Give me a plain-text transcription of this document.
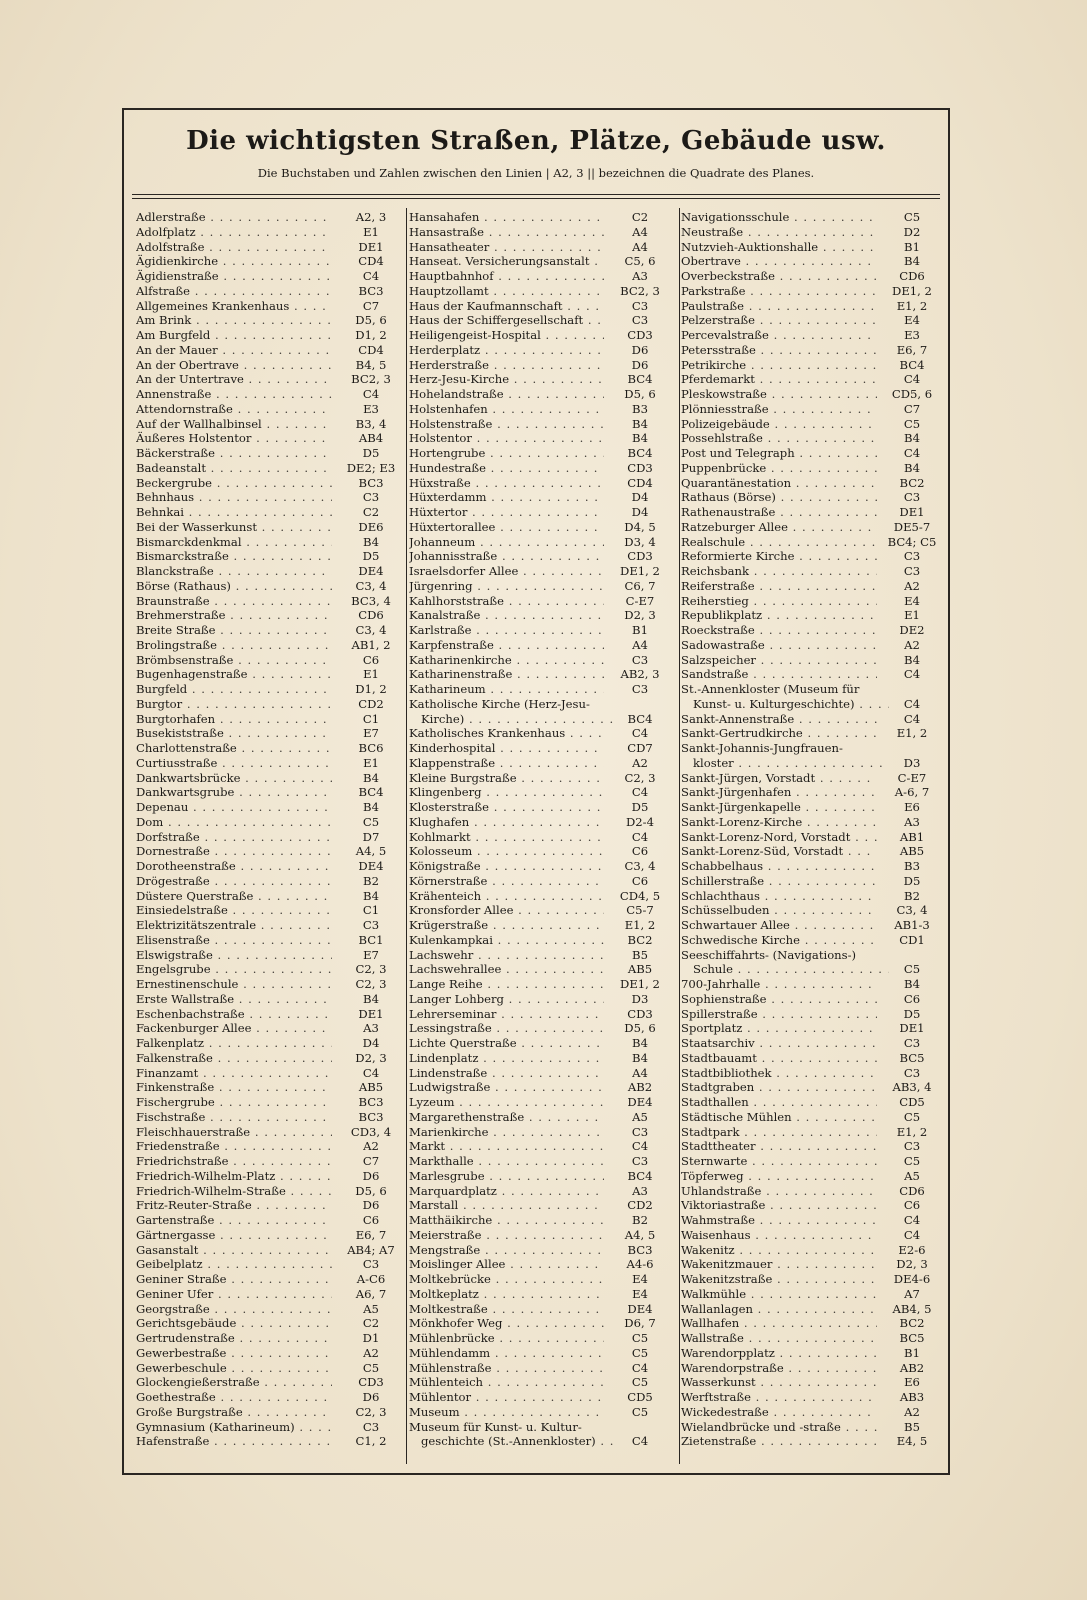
Die wichtigsten Straßen, Plätze, Gebäude usw.
Die Buchstaben und Zahlen zwischen den Linien | A2, 3 || bezeichnen die Quadrate des Planes.
Adlerstraße . . .	A2, 3
Adolfplatz . . .	E1
Adolfstraße . . .	DE1
Ägidienkirche . . .	CD4
Ägidienstraße . . .	C4
Alfstraße . . .	BC3
Allgemeines Krankenhaus . . .	C7
Am Brink . . .	D5, 6
Am Burgfeld . . .	D1, 2
An der Mauer . . .	CD4
An der Obertrave . . .	B4, 5
An der Untertrave . . .	BC2, 3
Annenstraße . . .	C4
Attendornstraße . . .	E3
Auf der Wallhalbinsel . . .	B3, 4
Äußeres Holstentor . . .	AB4
Bäckerstraße . . .	D5
Badeanstalt . . .	DE2; E3
Beckergrube . . .	BC3
Behnhaus . . .	C3
Behnkai . . .	C2
Bei der Wasserkunst . . .	DE6
Bismarckdenkmal . . .	B4
Bismarckstraße . . .	D5
Blanckstraße . . .	DE4
Börse (Rathaus) . . .	C3, 4
Braunstraße . . .	BC3, 4
Brehmerstraße . . .	CD6
Breite Straße . . .	C3, 4
Brolingstraße . . .	AB1, 2
Brömbsenstraße . . .	C6
Bugenhagenstraße . . .	E1
Burgfeld . . .	D1, 2
Burgtor . . .	CD2
Burgtorhafen . . .	C1
Busekiststraße . . .	E7
Charlottenstraße . . .	BC6
Curtiusstraße . . .	E1
Dankwartsbrücke . . .	B4
Dankwartsgrube . . .	BC4
Depenau . . .	B4
Dom . . .	C5
Dorfstraße . . .	D7
Dornestraße . . .	A4, 5
Dorotheenstraße . . .	DE4
Drögestraße . . .	B2
Düstere Querstraße . . .	B4
Einsiedelstraße . . .	C1
Elektrizitätszentrale . . .	C3
Elisenstraße . . .	BC1
Elswigstraße . . .	E7
Engelsgrube . . .	C2, 3
Ernestinenschule . . .	C2, 3
Erste Wallstraße . . .	B4
Eschenbachstraße . . .	DE1
Fackenburger Allee . . .	A3
Falkenplatz . . .	D4
Falkenstraße . . .	D2, 3
Finanzamt . . .	C4
Finkenstraße . . .	AB5
Fischergrube . . .	BC3
Fischstraße . . .	BC3
Fleischhauerstraße . . .	CD3, 4
Friedenstraße . . .	A2
Friedrichstraße . . .	C7
Friedrich-Wilhelm-Platz . . .	D6
Friedrich-Wilhelm-Straße . . .	D5, 6
Fritz-Reuter-Straße . . .	D6
Gartenstraße . . .	C6
Gärtnergasse . . .	E6, 7
Gasanstalt . . .	AB4; A7
Geibelplatz . . .	C3
Geniner Straße . . .	A-C6
Geniner Ufer . . .	A6, 7
Georgstraße . . .	A5
Gerichtsgebäude . . .	C2
Gertrudenstraße . . .	D1
Gewerbestraße . . .	A2
Gewerbeschule . . .	C5
Glockengießerstraße . . .	CD3
Goethestraße . . .	D6
Große Burgstraße . . .	C2, 3
Gymnasium (Katharineum) . . .	C3
Hafenstraße . . .	C1, 2
Hansahafen . . .	C2
Hansastraße . . .	A4
Hansatheater . . .	A4
Hanseat. Versicherungsanstalt . . .	C5, 6
Hauptbahnhof . . .	A3
Hauptzollamt . . .	BC2, 3
Haus der Kaufmannschaft . . .	C3
Haus der Schiffergesellschaft . . .	C3
Heiligengeist-Hospital . . .	CD3
Herderplatz . . .	D6
Herderstraße . . .	D6
Herz-Jesu-Kirche . . .	BC4
Hohelandstraße . . .	D5, 6
Holstenhafen . . .	B3
Holstenstraße . . .	B4
Holstentor . . .	B4
Hortengrube . . .	BC4
Hundestraße . . .	CD3
Hüxstraße . . .	CD4
Hüxterdamm . . .	D4
Hüxtertor . . .	D4
Hüxtertorallee . . .	D4, 5
Johanneum . . .	D3, 4
Johannisstraße . . .	CD3
Israelsdorfer Allee . . .	DE1, 2
Jürgenring . . .	C6, 7
Kahlhorststraße . . .	C-E7
Kanalstraße . . .	D2, 3
Karlstraße . . .	B1
Karpfenstraße . . .	A4
Katharinenkirche . . .	C3
Katharinenstraße . . .	AB2, 3
Katharineum . . .	C3
Katholische Kirche (Herz-Jesu-
Kirche) . . .	BC4
Katholisches Krankenhaus . . .	C4
Kinderhospital . . .	CD7
Klappenstraße . . .	A2
Kleine Burgstraße . . .	C2, 3
Klingenberg . . .	C4
Klosterstraße . . .	D5
Klughafen . . .	D2-4
Kohlmarkt . . .	C4
Kolosseum . . .	C6
Königstraße . . .	C3, 4
Körnerstraße . . .	C6
Krähenteich . . .	CD4, 5
Kronsforder Allee . . .	C5-7
Krügerstraße . . .	E1, 2
Kulenkampkai . . .	BC2
Lachswehr . . .	B5
Lachswehrallee . . .	AB5
Lange Reihe . . .	DE1, 2
Langer Lohberg . . .	D3
Lehrerseminar . . .	CD3
Lessingstraße . . .	D5, 6
Lichte Querstraße . . .	B4
Lindenplatz . . .	B4
Lindenstraße . . .	A4
Ludwigstraße . . .	AB2
Lyzeum . . .	DE4
Margarethenstraße . . .	A5
Marienkirche . . .	C3
Markt . . .	C4
Markthalle . . .	C3
Marlesgrube . . .	BC4
Marquardplatz . . .	A3
Marstall . . .	CD2
Matthäikirche . . .	B2
Meierstraße . . .	A4, 5
Mengstraße . . .	BC3
Moislinger Allee . . .	A4-6
Moltkebrücke . . .	E4
Moltkeplatz . . .	E4
Moltkestraße . . .	DE4
Mönkhofer Weg . . .	D6, 7
Mühlenbrücke . . .	C5
Mühlendamm . . .	C5
Mühlenstraße . . .	C4
Mühlenteich . . .	C5
Mühlentor . . .	CD5
Museum . . .	C5
Museum für Kunst- u. Kultur-
geschichte (St.-Annenkloster) . . .	C4
Navigationsschule . . .	C5
Neustraße . . .	D2
Nutzvieh-Auktionshalle . . .	B1
Obertrave . . .	B4
Overbeckstraße . . .	CD6
Parkstraße . . .	DE1, 2
Paulstraße . . .	E1, 2
Pelzerstraße . . .	E4
Percevalstraße . . .	E3
Petersstraße . . .	E6, 7
Petrikirche . . .	BC4
Pferdemarkt . . .	C4
Pleskowstraße . . .	CD5, 6
Plönniesstraße . . .	C7
Polizeigebäude . . .	C5
Possehlstraße . . .	B4
Post und Telegraph . . .	C4
Puppenbrücke . . .	B4
Quarantänestation . . .	BC2
Rathaus (Börse) . . .	C3
Rathenaustraße . . .	DE1
Ratzeburger Allee . . .	DE5-7
Realschule . . .	BC4; C5
Reformierte Kirche . . .	C3
Reichsbank . . .	C3
Reiferstraße . . .	A2
Reiherstieg . . .	E4
Republikplatz . . .	E1
Roeckstraße . . .	DE2
Sadowastraße . . .	A2
Salzspeicher . . .	B4
Sandstraße . . .	C4
St.-Annenkloster (Museum für
Kunst- u. Kulturgeschichte) . . .	C4
Sankt-Annenstraße . . .	C4
Sankt-Gertrudkirche . . .	E1, 2
Sankt-Johannis-Jungfrauen-
kloster . . .	D3
Sankt-Jürgen, Vorstadt . . .	C-E7
Sankt-Jürgenhafen . . .	A-6, 7
Sankt-Jürgenkapelle . . .	E6
Sankt-Lorenz-Kirche . . .	A3
Sankt-Lorenz-Nord, Vorstadt . . .	AB1
Sankt-Lorenz-Süd, Vorstadt . . .	AB5
Schabbelhaus . . .	B3
Schillerstraße . . .	D5
Schlachthaus . . .	B2
Schüsselbuden . . .	C3, 4
Schwartauer Allee . . .	AB1-3
Schwedische Kirche . . .	CD1
Seeschiffahrts- (Navigations-)
Schule . . .	C5
700-Jahrhalle . . .	B4
Sophienstraße . . .	C6
Spillerstraße . . .	D5
Sportplatz . . .	DE1
Staatsarchiv . . .	C3
Stadtbauamt . . .	BC5
Stadtbibliothek . . .	C3
Stadtgraben . . .	AB3, 4
Stadthallen . . .	CD5
Städtische Mühlen . . .	C5
Stadtpark . . .	E1, 2
Stadttheater . . .	C3
Sternwarte . . .	C5
Töpferweg . . .	A5
Uhlandstraße . . .	CD6
Viktoriastraße . . .	C6
Wahmstraße . . .	C4
Waisenhaus . . .	C4
Wakenitz . . .	E2-6
Wakenitzmauer . . .	D2, 3
Wakenitzstraße . . .	DE4-6
Walkmühle . . .	A7
Wallanlagen . . .	AB4, 5
Wallhafen . . .	BC2
Wallstraße . . .	BC5
Warendorpplatz . . .	B1
Warendorpstraße . . .	AB2
Wasserkunst . . .	E6
Werftstraße . . .	AB3
Wickedestraße . . .	A2
Wielandbrücke und -straße . . .	B5
Zietenstraße . . .	E4, 5
